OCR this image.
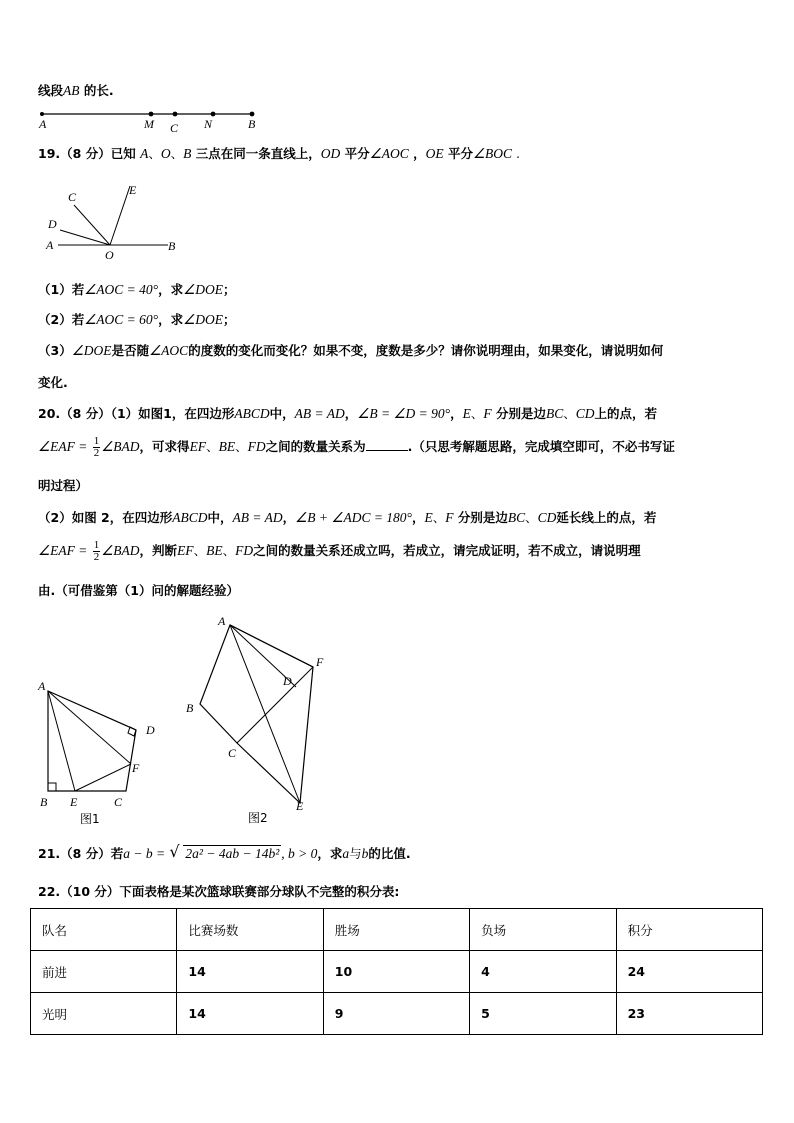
线段AB 的长.
A	M C N	B
19.（8 分）已知 A、O、B 三点在同一条直线上，OD 平分∠AOC ，OE 平分∠BOC .
C	E
D
A
O
B
（1）若∠AOC = 40°，求∠DOE；
（2）若∠AOC = 60°，求∠DOE；
（3）∠DOE是否随∠AOC的度数的变化而变化？如果不变，度数是多少？请你说明理由，如果变化，请说明如何
变化.
20.（8 分）（1）如图1，在四边形ABCD中，AB = AD，∠B = ∠D = 90°，E、F 分别是边BC、CD上的点，若
∠EAF = $\frac{1}{2}$ ∠BAD，可求得EF、BE、FD之间的数量关系为	.（只思考解题思路，完成填空即可，不必书写证
明过程）
（2）如图 2，在四边形ABCD中，AB = AD，∠B + ∠ADC = 180°，E、F 分别是边BC、CD延长线上的点，若
∠EAF = $\frac{1}{2}$ ∠BAD，判断EF、BE、FD之间的数量关系还成立吗，若成立，请完成证明，若不成立，请说明理
由.（可借鉴第（1）问的解题经验）
A
D
F
B E	C
图1
A
F
D
B
C
E
图2
21.（8 分）若a − b = √ 2a² − 4ab − 14b² , b > 0，求a与b的比值.
22.（10 分）下面表格是某次篮球联赛部分球队不完整的积分表:
队名	比赛场数	胜场	负场	积分
前进	14	10	4	24
光明	14	9	5	23
